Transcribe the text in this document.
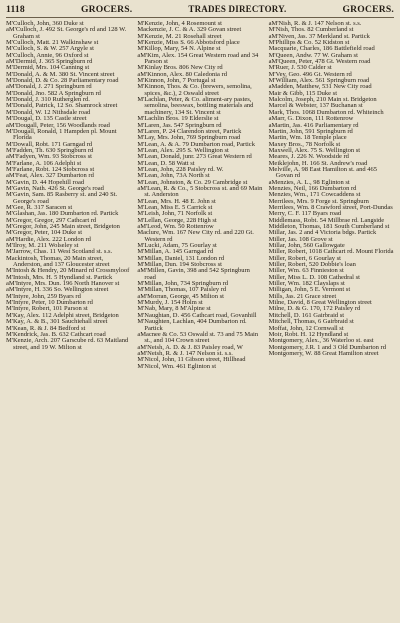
1118	GROCERS.	TRADES DIRECTORY.	GROCERS.
M'Culloch, John, 360 Duke st
aM'Culloch, J. 492 St. George's rd and 128 W. Graham st
M'Culloch, Matt. 21 Walkinshaw st
M'Culloch, S. & W. 257 Argyle st
M'Culloch, Annie, 96 Oxford st
aM'Dermid, J. 365 Springburn rd
M'Dermid, Mrs. 104 Canning st
M'Donald, A. & M. 380 St. Vincent street
M'Donald, D. & Co. 28 Parliamentary road
aM'Donald, J. 271 Springburn rd
M'Donald, Jno. 582 A Springburn rd
M'Donald, J. 310 Rutherglen rd.
M'Donald, Patrick, 12 So. Shamrock street
M'Donald, W. 12 Nithsdale road
M'Dougal, D. 135 Castle street
aM'Dougall, Peter, 156 Woodlands road
M'Dougall, Ronald, 1 Hampden pl. Mount Florida
M'Dowall, Robt. 171 Garngad rd
M'Fadden, Th. 630 Springburn rd
aM'Fadyen, Wm. 93 Stobcross st
M'Farlane, A. 106 Adelphi st
M'Farlane, Robt. 124 Stobcross st
aM'Feat, Alex. 327 Dumbarton rd
M'Gavin, D. 44 Hopehill road
M'Gavin, Nath. 426 St. George's road
M'Gavin, Sam. 85 Rasberry st. and 240 St. George's road
M'Gee, R. 317 Saracen st
M'Glashan, Jas. 180 Dumbarton rd. Partick
M'Gregor, Gregor, 297 Cathcart rd
M'Gregor, John, 245 Main street, Bridgeton
M'Gregor, Peter, 104 Duke st
aM'Hardie, Alex. 222 London rd
M'Ilroy, M. 211 Wolseley st
M'Jarrow, Chas. 11 West Scotland st. s.s.
Mackintosh, Thomas, 20 Main street, Anderston, and 137 Gloucester street
M'Intosh & Hendry, 20 Minard rd Crossmyloof
M'Intosh, Mrs. H. 5 Hyndland st. Partick
aM'Intyre, Mrs. Dun. 196 North Hanover st
aM'Intyre, H. 336 So. Wellington street
M'Intyre, John, 259 Byars rd
M'Intyre, Peter, 10 Dumbarton rd
M'Intyre, Robert, 101 Parson st
M'Kay, Alex. 112 Adelphi street, Bridgeton
M'Kay, A. & B., 301 Sauchiehall street
M'Kean, R. & J. 84 Bedford st
M'Kendrick, Jas. B. 632 Cathcart road
M'Kenzie, Arch. 207 Garscube rd. 63 Maitland street, and 19 W. Milton st
M'Kenzie, John, 4 Rosemount st
Mackenzie, J. C. & A. 329 Govan street
M'Kenzie, M. 21 Rosehall street
M'Kenzie, Miss S. 66 Abbotsford place
M'Killop, Mary, 54 N. Alpine st
aM'Kim, Alex. 154 Great Western road and 34 Parson st
M'Kinlay Bros. 806 New City rd
aM'Kinnon, Alex. 80 Caledonia rd
M'Kinnon, John, 7 Portugal st
M'Kinnon, Thos. & Co. (brewers, semolina, spices, &c.), 2 Oswald street
M'Lachlan, Peter, & Co. aliment-ary pastes, semolina, beeswax, bottling materials and machinery, 134 St. Vincent st
M'Lachlin Bros. 19 Elderslie st
M'Laren, Jas. 547 Springburn rd
M'Laren, P. 24 Clarendon street, Partick
M'Lay, Mrs. John, 769 Springburn road
M'Lean, A. & A. 79 Dumbarton road, Partick
M'Lean, Alex. 295 S. Wellington st
M'Lean, Donald, junr. 273 Great Western rd
M'Lean, D. 58 Watt st
M'Lean, John, 228 Paisley rd. W.
M'Lean, John, 73A North st
M'Lean, Johnston, & Co. 29 Cambridge st
aM'Lean, R. & Co., 5 Stobcross st. and 69 Main st. Anderston
M'Lean, Mrs. H. 48 E. John st
M'Lean, Miss E. 5 Carrick st
M'Leish, John, 71 Norfolk st
M'Lellan, George, 228 High st
aM'Leod, Wm. 50 Rottenrow
Maclure, Wm. 167 New City rd. and 220 Gt. Western rd
M'Lucki, Adam, 75 Gourlay st
M'Millan, A. 145 Garngad rd
M'Millan, Daniel, 131 London rd
M'Millan, Dun. 194 Stobcross st
aM'Millen, Gavin, 398 and 542 Springburn road
M'Millan, John, 734 Springburn rd
M'Millan, Thomas, 107 Paisley rd
aM'Morran, George, 45 Milton st
M'Murdy, J. 154 Holm st
M'Nab, Mary, 8 M'Alpine st
M'Naughtan, D. 456 Cathcart road, Govanhill
M'Naughten, Lachlan, 404 Dumbarton rd. Partick
aMacnee & Co. 53 Oswald st. 73 and 75 Main st., and 104 Crown street
aM'Neish, A. D. & J. 83 Paisley road, W
aM'Neish, R. & J. 147 Nelson st. s.s.
M'Nicol, John, 11 Gibson street, Hillhead
M'Nicol, Wm. 461 Eglinton st
aM'Nish, R. & J. 147 Nelson st. s.s.
M'Nish, Thos. 82 Cumberland st
aM'Niven, Jas. 37 Merkland st. Partick
M'Phillips & Co. 52 Kidston st
Macquarie, Charles, 186 Battlefield road
M'Queen, Andw. 77 W. Graham st
aM'Queen, Peter, 478 Gt. Western road
M'Ruer, J. 530 Calder st
M'Vey, Geo. 496 Gt. Western rd
M'William, Alex. 561 Springburn road
aMadden, Matthew, 531 New City road
Mair & Gibb, 115 Duke st
Malcolm, Joseph, 210 Main st. Bridgeton
Marcel & Webster, 137 Buchanan st
Mark, Thos. 1068 Dumbarton rd. Whiteinch
aMarr, G. Dixon, 111 Rottenrow
aMartin, Jas. 416 Parliamentary rd
Martin, John, 591 Springburn rd
Martin, Wm. 18 Temple place
Maxey Bros., 78 Norfolk st
Maxwell, Alex. 75 S. Wellington st
Meares, J. 226 N. Woodside rd
Meiklejohn, H. 166 St. Andrew's road
Melville, A. 98 East Hamilton st. and 465 Govan rd
aMenzies, A. L., 98 Eglinton st
Menzies, Neil, 166 Dumbarton rd
Menzies, Wm., 171 Cowcaddens st
Merrilees, Mrs. 9 Forge st. Springburn
Merrilees, Wm. 8 Crawford street, Port-Dundas
Merry, C. F. 117 Byars road
Middlemass, Robt. 54 Millbrae rd. Langside
Middleton, Thomas, 181 South Cumberland st
Millar, Jas. 2 and 4 Victoria bdgs. Partick
Miller, Jas. 108 Grove st
Millar, John, 560 Gallowgate
Miller, Robert, 1018 Cathcart rd. Mount Florida
Miller, Robert, 6 Gourlay st
Miller, Robert, 520 Dobbie's loan
Miller, Wm. 63 Finnieston st
Miller, Miss L. D. 108 Cathedral st
Miller, Wm. 182 Clayslaps st
Milligan, John, 5 E. Vermont st
Mills, Jas. 21 Grace street
Milne, David, 8 Great Wellington street
Milne, D. & G. 170, 172 Paisley rd
Mitchell, D. 161 Gairbraid st
Mitchell, Thomas, 6 Gairbraid st
Moffat, John, 12 Cornwall st
Moir, Robt. H. 12 Hyndland st
Montgomery, Alex., 36 Waterloo st. east
Montgomery, J.R. 1 and 3 Old Dumbarton rd
Montgomery, W. 88 Great Hamilton street
